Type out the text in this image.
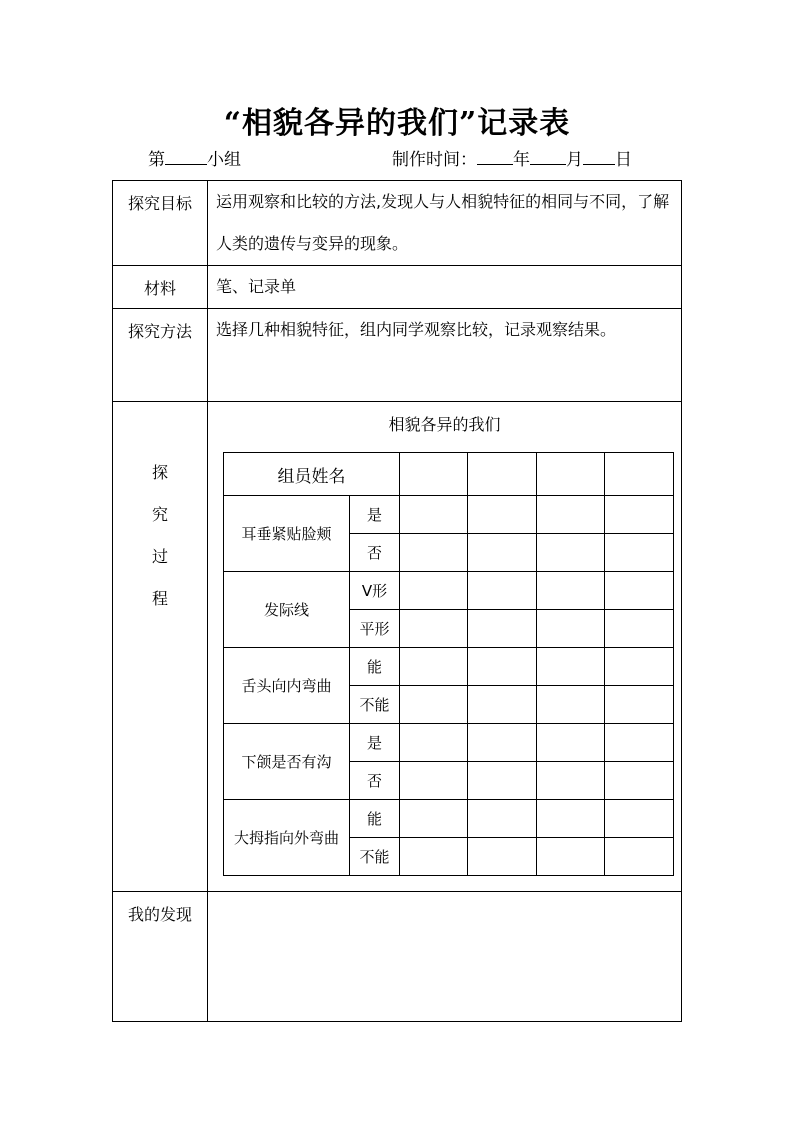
“相貌各异的我们”记录表
第 小组	制作时间： 年 月 日
探究目标	运用观察和比较的方法,发现人与人相貌特征的相同与不同，了解人类的遗传与变异的现象。
材料	笔、记录单
探究方法	选择几种相貌特征，组内同学观察比较，记录观察结果。

探
究
过
程

相貌各异的我们
组员姓名				
耳垂紧贴脸颊	是				
否				
发际线	V形				
平形				
舌头向内弯曲	能				
不能				
下颌是否有沟	是				
否				
大拇指向外弯曲	能				
不能				

我的发现	
